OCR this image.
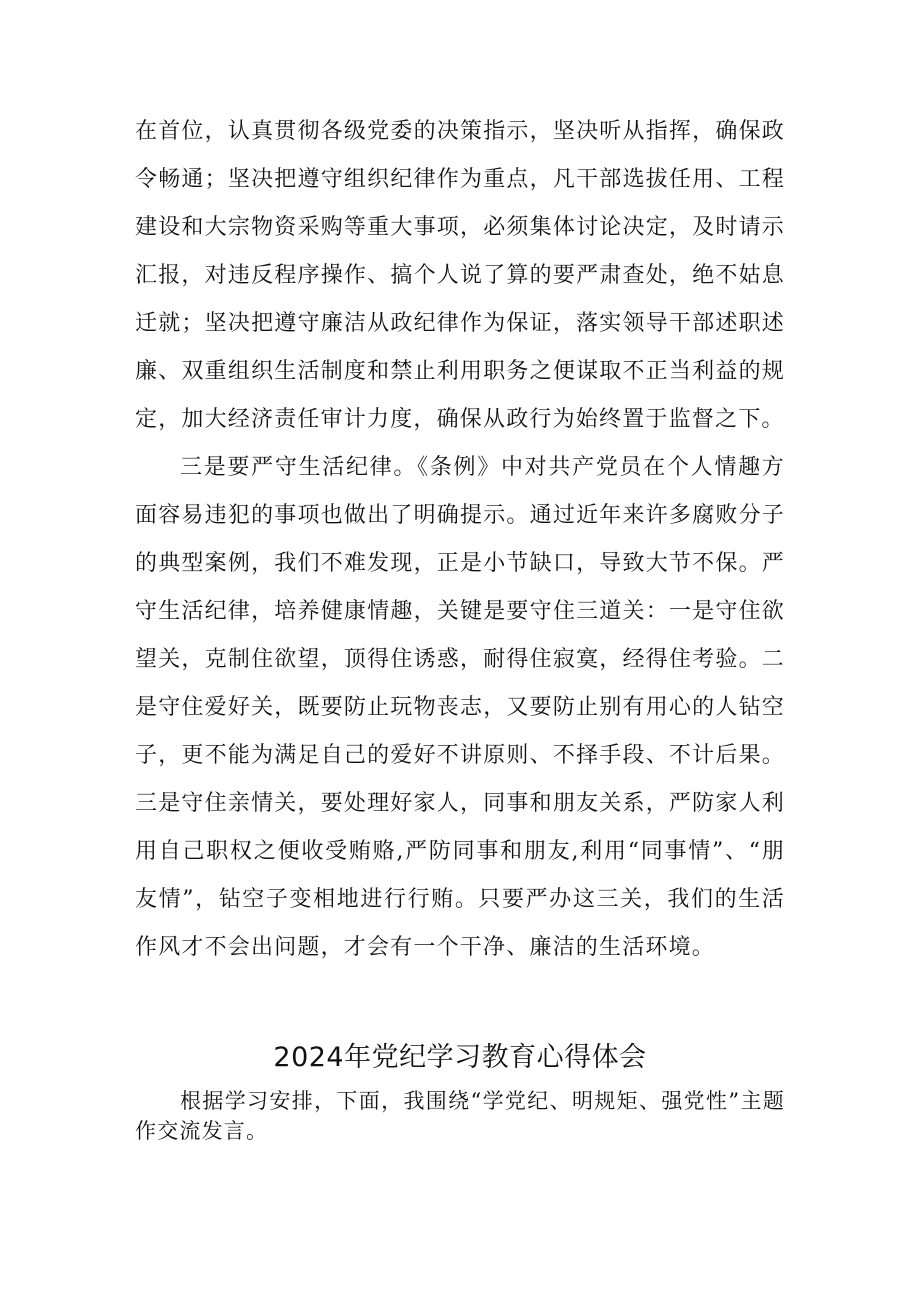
在首位，认真贯彻各级党委的决策指示，坚决听从指挥，确保政令畅通；坚决把遵守组织纪律作为重点，凡干部选拔任用、工程建设和大宗物资采购等重大事项，必须集体讨论决定，及时请示汇报，对违反程序操作、搞个人说了算的要严肃查处，绝不姑息迁就；坚决把遵守廉洁从政纪律作为保证，落实领导干部述职述廉、双重组织生活制度和禁止利用职务之便谋取不正当利益的规定，加大经济责任审计力度，确保从政行为始终置于监督之下。

三是要严守生活纪律。《条例》中对共产党员在个人情趣方面容易违犯的事项也做出了明确提示。通过近年来许多腐败分子的典型案例，我们不难发现，正是小节缺口，导致大节不保。严守生活纪律，培养健康情趣，关键是要守住三道关：一是守住欲望关，克制住欲望，顶得住诱惑，耐得住寂寞，经得住考验。二是守住爱好关，既要防止玩物丧志，又要防止别有用心的人钻空子，更不能为满足自己的爱好不讲原则、不择手段、不计后果。三是守住亲情关，要处理好家人，同事和朋友关系，严防家人利用自己职权之便收受贿赂,严防同事和朋友,利用“同事情”、“朋友情”，钻空子变相地进行行贿。只要严办这三关，我们的生活作风才不会出问题，才会有一个干净、廉洁的生活环境。

2024年党纪学习教育心得体会

根据学习安排，下面，我围绕“学党纪、明规矩、强党性”主题作交流发言。
